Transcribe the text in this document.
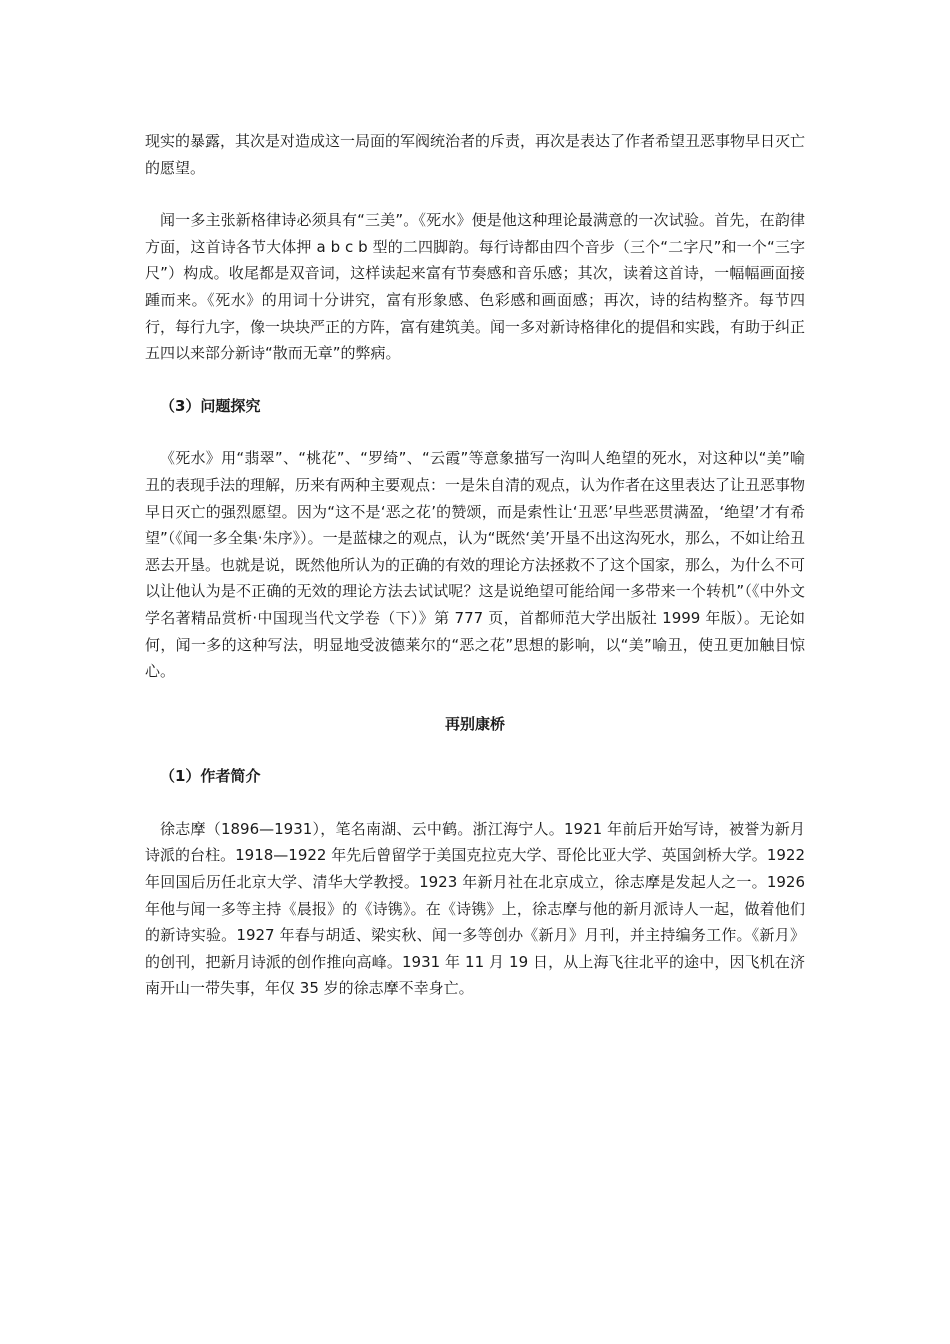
现实的暴露，其次是对造成这一局面的军阀统治者的斥责，再次是表达了作者希望丑恶事物早日灭亡的愿望。

闻一多主张新格律诗必须具有“三美”。《死水》便是他这种理论最满意的一次试验。首先，在韵律方面，这首诗各节大体押 a b c b 型的二四脚韵。每行诗都由四个音步（三个“二字尺”和一个“三字尺”）构成。收尾都是双音词，这样读起来富有节奏感和音乐感；其次，读着这首诗，一幅幅画面接踵而来。《死水》的用词十分讲究，富有形象感、色彩感和画面感；再次，诗的结构整齐。每节四行，每行九字，像一块块严正的方阵，富有建筑美。闻一多对新诗格律化的提倡和实践，有助于纠正五四以来部分新诗“散而无章”的弊病。

（3）问题探究

《死水》用“翡翠”、“桃花”、“罗绮”、“云霞”等意象描写一沟叫人绝望的死水，对这种以“美”喻丑的表现手法的理解，历来有两种主要观点：一是朱自清的观点，认为作者在这里表达了让丑恶事物早日灭亡的强烈愿望。因为“这不是‘恶之花’的赞颂，而是索性让‘丑恶’早些恶贯满盈，‘绝望’才有希望”（《闻一多全集·朱序》）。一是蓝棣之的观点，认为“既然‘美’开垦不出这沟死水，那么，不如让给丑恶去开垦。也就是说，既然他所认为的正确的有效的理论方法拯救不了这个国家，那么，为什么不可以让他认为是不正确的无效的理论方法去试试呢？这是说绝望可能给闻一多带来一个转机”（《中外文学名著精品赏析·中国现当代文学卷（下）》第 777 页，首都师范大学出版社 1999 年版）。无论如何，闻一多的这种写法，明显地受波德莱尔的“恶之花”思想的影响，以“美”喻丑，使丑更加触目惊心。

再别康桥
（1）作者简介

徐志摩（1896—1931），笔名南湖、云中鹤。浙江海宁人。1921 年前后开始写诗，被誉为新月诗派的台柱。1918—1922 年先后曾留学于美国克拉克大学、哥伦比亚大学、英国剑桥大学。1922 年回国后历任北京大学、清华大学教授。1923 年新月社在北京成立，徐志摩是发起人之一。1926 年他与闻一多等主持《晨报》的《诗镌》。在《诗镌》上，徐志摩与他的新月派诗人一起，做着他们的新诗实验。1927 年春与胡适、梁实秋、闻一多等创办《新月》月刊，并主持编务工作。《新月》的创刊，把新月诗派的创作推向高峰。1931 年 11 月 19 日，从上海飞往北平的途中，因飞机在济南开山一带失事，年仅 35 岁的徐志摩不幸身亡。
